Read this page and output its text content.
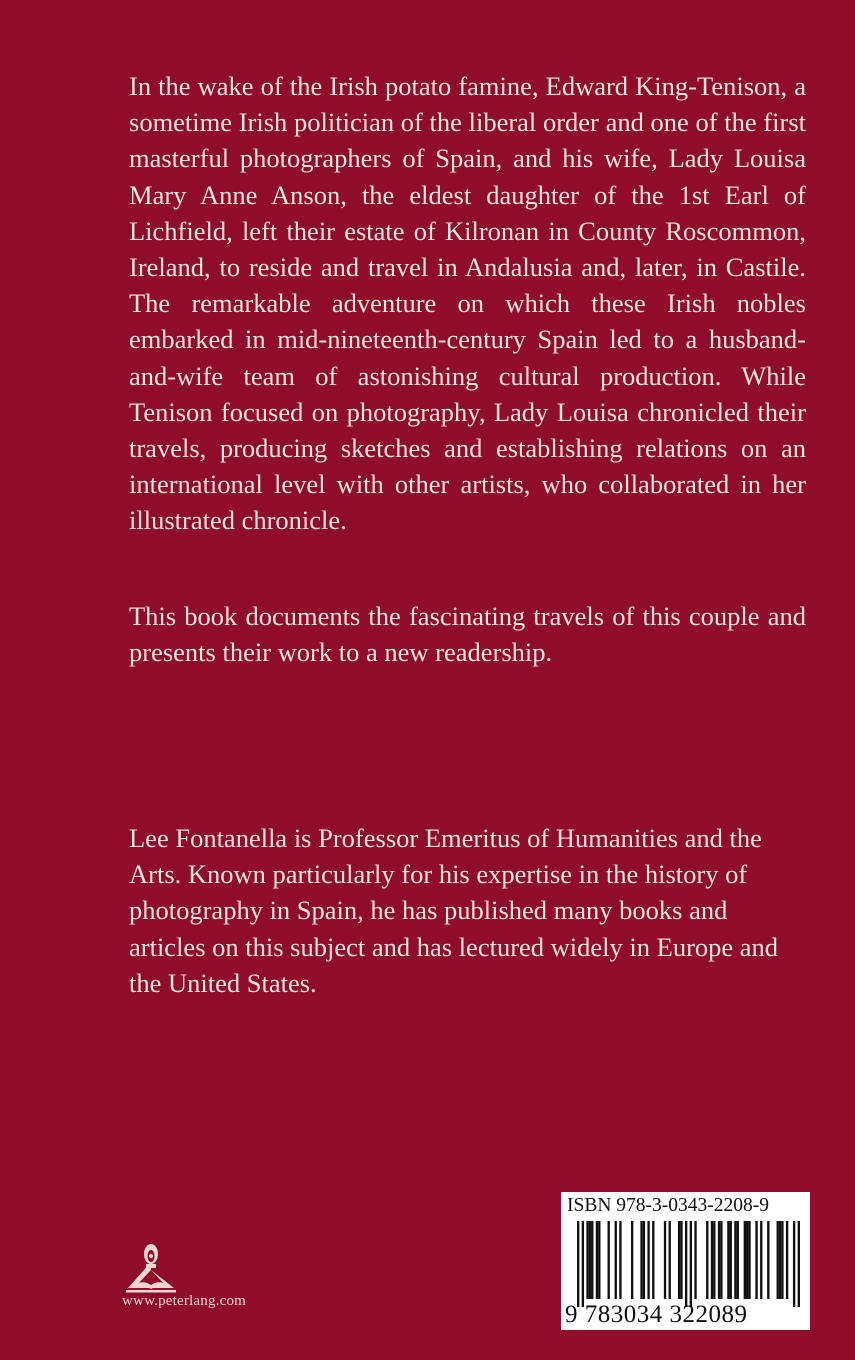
In the wake of the Irish potato famine, Edward King-Tenison, a sometime Irish politician of the liberal order and one of the first masterful photographers of Spain, and his wife, Lady Louisa Mary Anne Anson, the eldest daughter of the 1st Earl of Lichfield, left their estate of Kilronan in County Roscommon, Ireland, to reside and travel in Andalusia and, later, in Castile. The remarkable adventure on which these Irish nobles embarked in mid-nineteenth-century Spain led to a husband-and-wife team of astonishing cultural production. While Tenison focused on photography, Lady Louisa chronicled their travels, producing sketches and establishing relations on an international level with other artists, who collaborated in her illustrated chronicle.

This book documents the fascinating travels of this couple and presents their work to a new readership.

Lee Fontanella is Professor Emeritus of Humanities and the Arts. Known particularly for his expertise in the history of photography in Spain, he has published many books and articles on this subject and has lectured widely in Europe and the United States.

www.peterlang.com
ISBN 978-3-0343-2208-9
9 783034 322089
